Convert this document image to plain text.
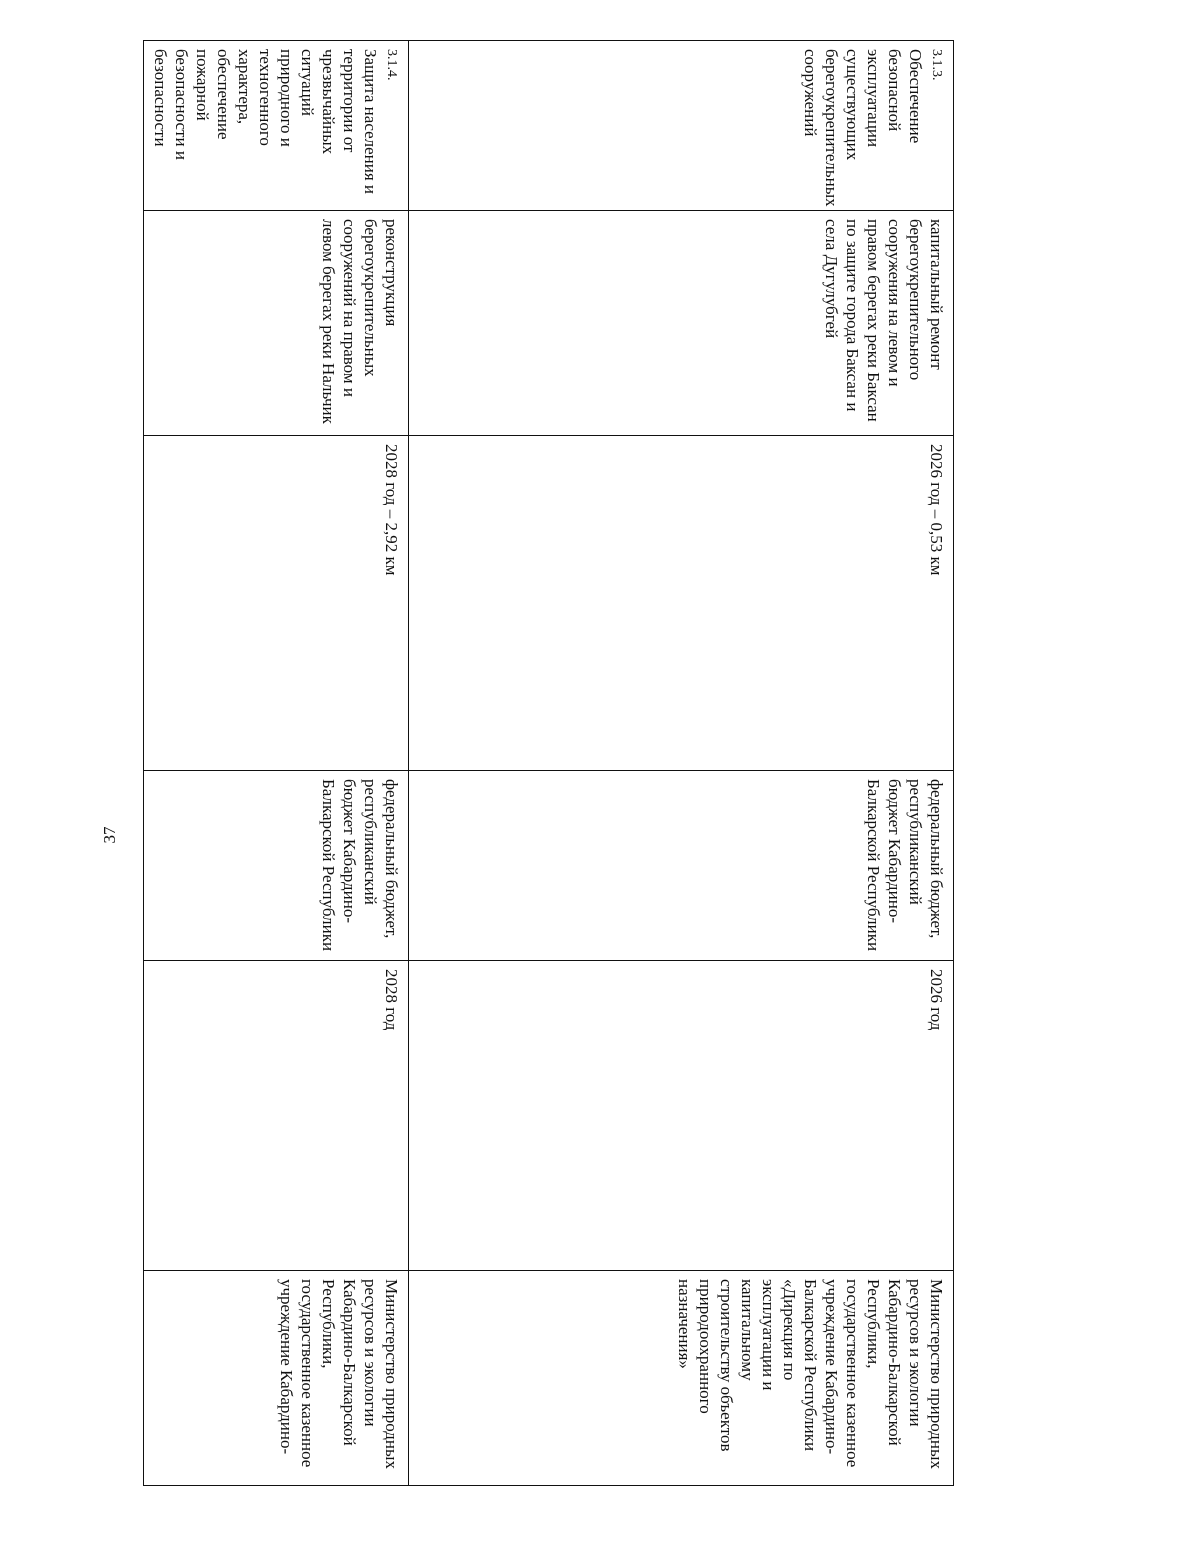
37
3.1.3.
Обеспечение безопасной эксплуатации существующих берегоукрепительных сооружений	капитальный ремонт берегоукрепительного сооружения на левом и правом берегах реки Баксан по защите города Баксан и села Дугулубгей	2026 год – 0,53 км	федеральный бюджет, республиканский бюджет Кабардино-Балкарской Республики	2026 год	Министерство природных ресурсов и экологии Кабардино-Балкарской Республики, государственное казенное учреждение Кабардино-Балкарской Республики «Дирекция по эксплуатации и капитальному строительству объектов природоохранного назначения»

3.1.4.
Защита населения и территории от чрезвычайных ситуаций природного и техногенного характера, обеспечение пожарной безопасности и безопасности	реконструкция берегоукрепительных сооружений на правом и левом берегах реки Нальчик	2028 год – 2,92 км	федеральный бюджет, республиканский бюджет Кабардино-Балкарской Республики	2028 год	Министерство природных ресурсов и экологии Кабардино-Балкарской Республики, государственное казенное учреждение Кабардино-
